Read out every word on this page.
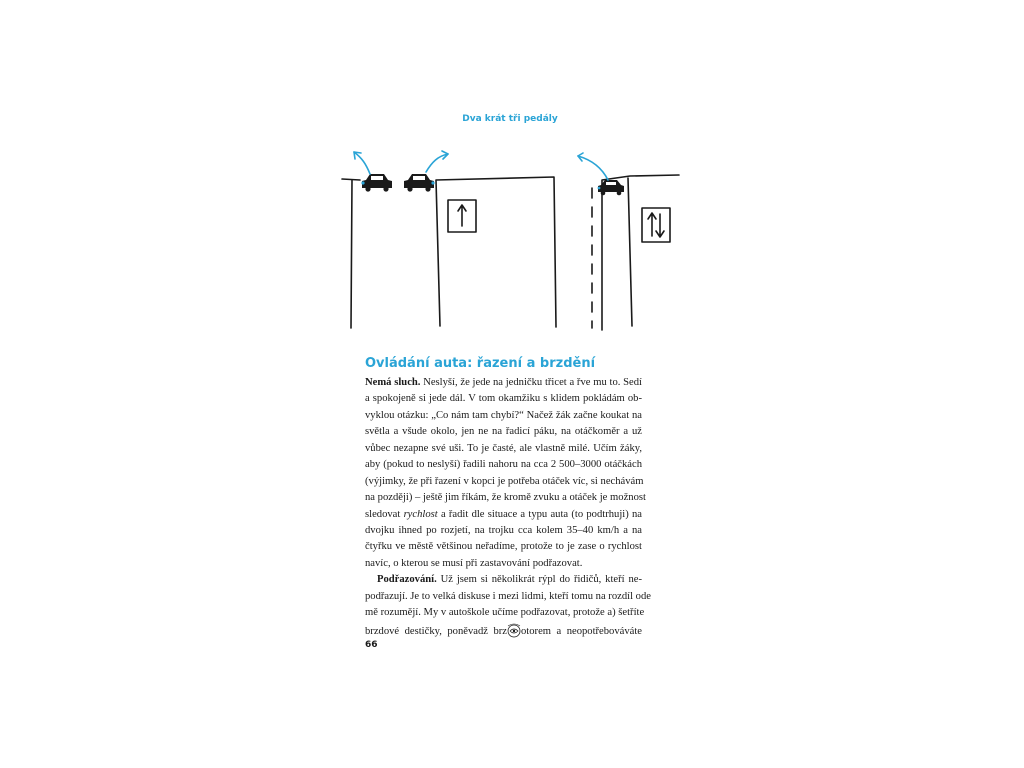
Dva krát tři pedály
Ovládání auta: řazení a brzdění
Nemá sluch. Neslyší, že jede na jedničku třicet a řve mu to. Sedí
a spokojeně si jede dál. V tom okamžiku s klidem pokládám ob-
vyklou otázku: „Co nám tam chybí?“ Načež žák začne koukat na
světla a všude okolo, jen ne na řadicí páku, na otáčkoměr a už
vůbec nezapne své uši. To je časté, ale vlastně milé. Učím žáky,
aby (pokud to neslyší) řadili nahoru na cca 2 500–3000 otáčkách
(výjimky, že při řazení v kopci je potřeba otáček víc, si nechávám
na později) – ještě jim říkám, že kromě zvuku a otáček je možnost
sledovat rychlost a řadit dle situace a typu auta (to podtrhuji) na
dvojku ihned po rozjetí, na trojku cca kolem 35–40 km/h a na
čtyřku ve městě většinou neřadíme, protože to je zase o rychlost
navíc, o kterou se musí při zastavování podřazovat.
Podřazování. Už jsem si několikrát rýpl do řidičů, kteří ne-
podřazují. Je to velká diskuse i mezi lidmi, kteří tomu na rozdíl ode
mě rozumějí. My v autoškole učíme podřazovat, protože a) šetříte
brzdové destičky, poněvadž brz otorem a neopotřebováváte
66
